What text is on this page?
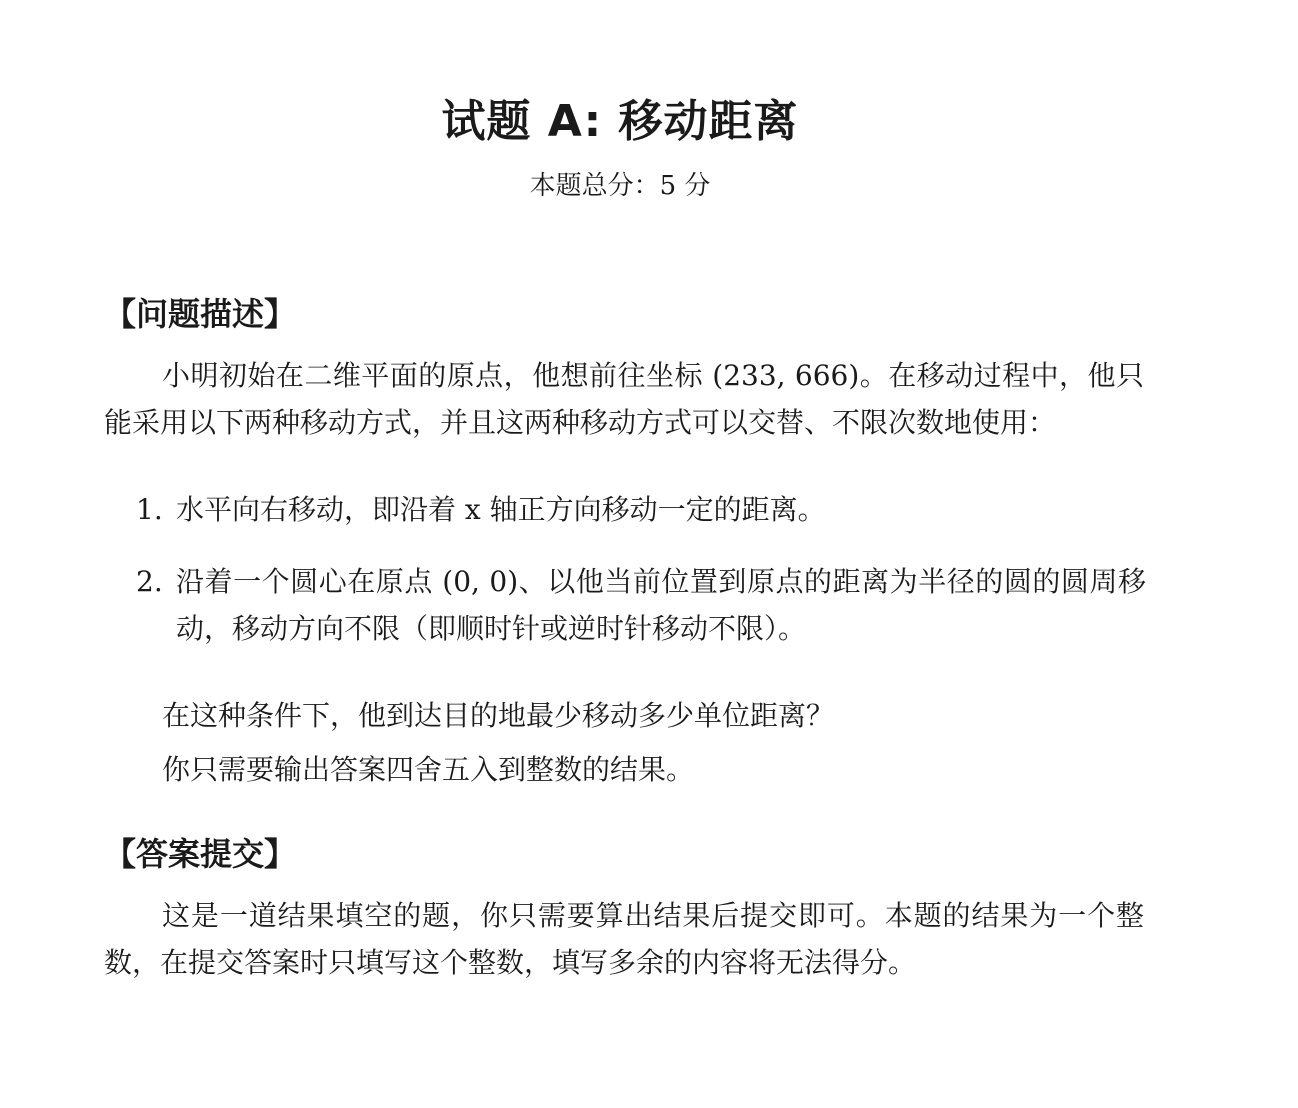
试题 A: 移动距离
本题总分：5 分
【问题描述】
小明初始在二维平面的原点，他想前往坐标 (233, 666)。在移动过程中，他只能采用以下两种移动方式，并且这两种移动方式可以交替、不限次数地使用：
1. 水平向右移动，即沿着 x 轴正方向移动一定的距离。
2. 沿着一个圆心在原点 (0, 0)、以他当前位置到原点的距离为半径的圆的圆周移动，移动方向不限（即顺时针或逆时针移动不限）。
在这种条件下，他到达目的地最少移动多少单位距离？
你只需要输出答案四舍五入到整数的结果。
【答案提交】
这是一道结果填空的题，你只需要算出结果后提交即可。本题的结果为一个整数，在提交答案时只填写这个整数，填写多余的内容将无法得分。
